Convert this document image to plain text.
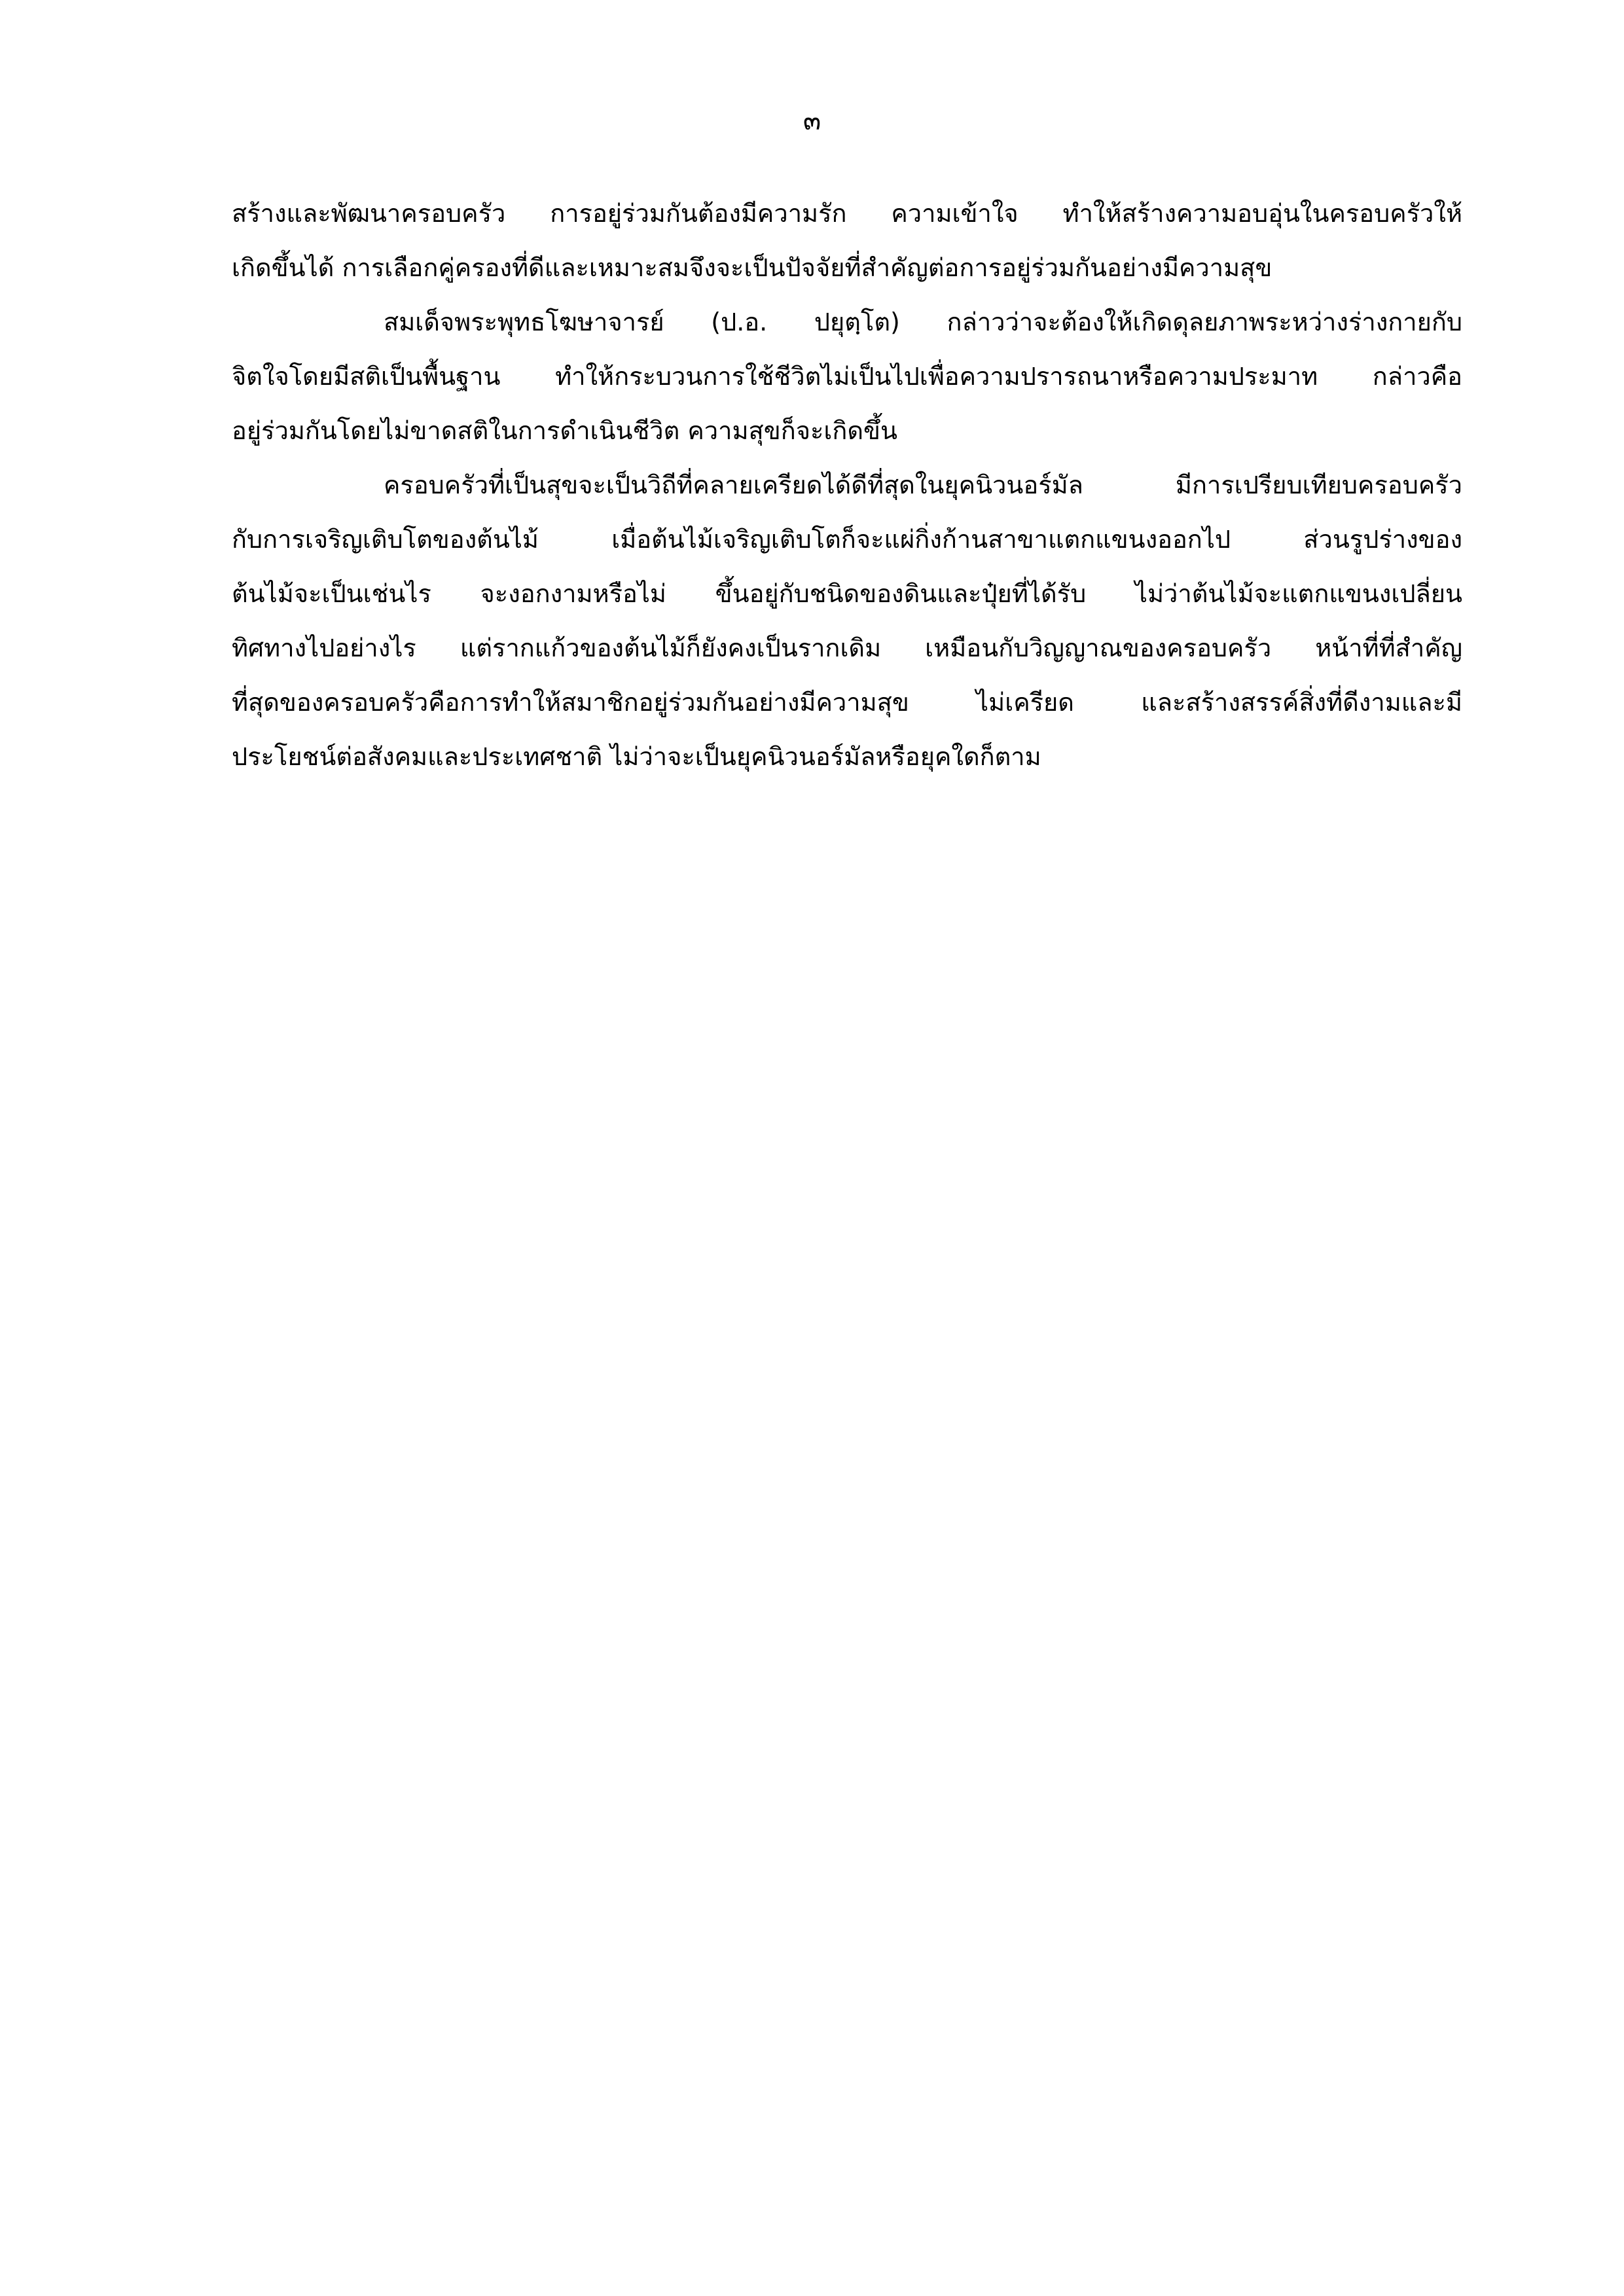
๓
สร้างและพัฒนาครอบครัว การอยู่ร่วมกันต้องมีความรัก ความเข้าใจ ทำให้สร้างความอบอุ่นในครอบครัวให้
เกิดขึ้นได้ การเลือกคู่ครองที่ดีและเหมาะสมจึงจะเป็นปัจจัยที่สำคัญต่อการอยู่ร่วมกันอย่างมีความสุข
สมเด็จพระพุทธโฆษาจารย์ (ป.อ. ปยุตฺโต) กล่าวว่าจะต้องให้เกิดดุลยภาพระหว่างร่างกายกับ
จิตใจโดยมีสติเป็นพื้นฐาน ทำให้กระบวนการใช้ชีวิตไม่เป็นไปเพื่อความปรารถนาหรือความประมาท กล่าวคือ
อยู่ร่วมกันโดยไม่ขาดสติในการดำเนินชีวิต ความสุขก็จะเกิดขึ้น
ครอบครัวที่เป็นสุขจะเป็นวิถีที่คลายเครียดได้ดีที่สุดในยุคนิวนอร์มัล มีการเปรียบเทียบครอบครัว
กับการเจริญเติบโตของต้นไม้ เมื่อต้นไม้เจริญเติบโตก็จะแผ่กิ่งก้านสาขาแตกแขนงออกไป ส่วนรูปร่างของ
ต้นไม้จะเป็นเช่นไร จะงอกงามหรือไม่ ขึ้นอยู่กับชนิดของดินและปุ๋ยที่ได้รับ ไม่ว่าต้นไม้จะแตกแขนงเปลี่ยน
ทิศทางไปอย่างไร แต่รากแก้วของต้นไม้ก็ยังคงเป็นรากเดิม เหมือนกับวิญญาณของครอบครัว หน้าที่ที่สำคัญ
ที่สุดของครอบครัวคือการทำให้สมาชิกอยู่ร่วมกันอย่างมีความสุข ไม่เครียด และสร้างสรรค์สิ่งที่ดีงามและมี
ประโยชน์ต่อสังคมและประเทศชาติ ไม่ว่าจะเป็นยุคนิวนอร์มัลหรือยุคใดก็ตาม
